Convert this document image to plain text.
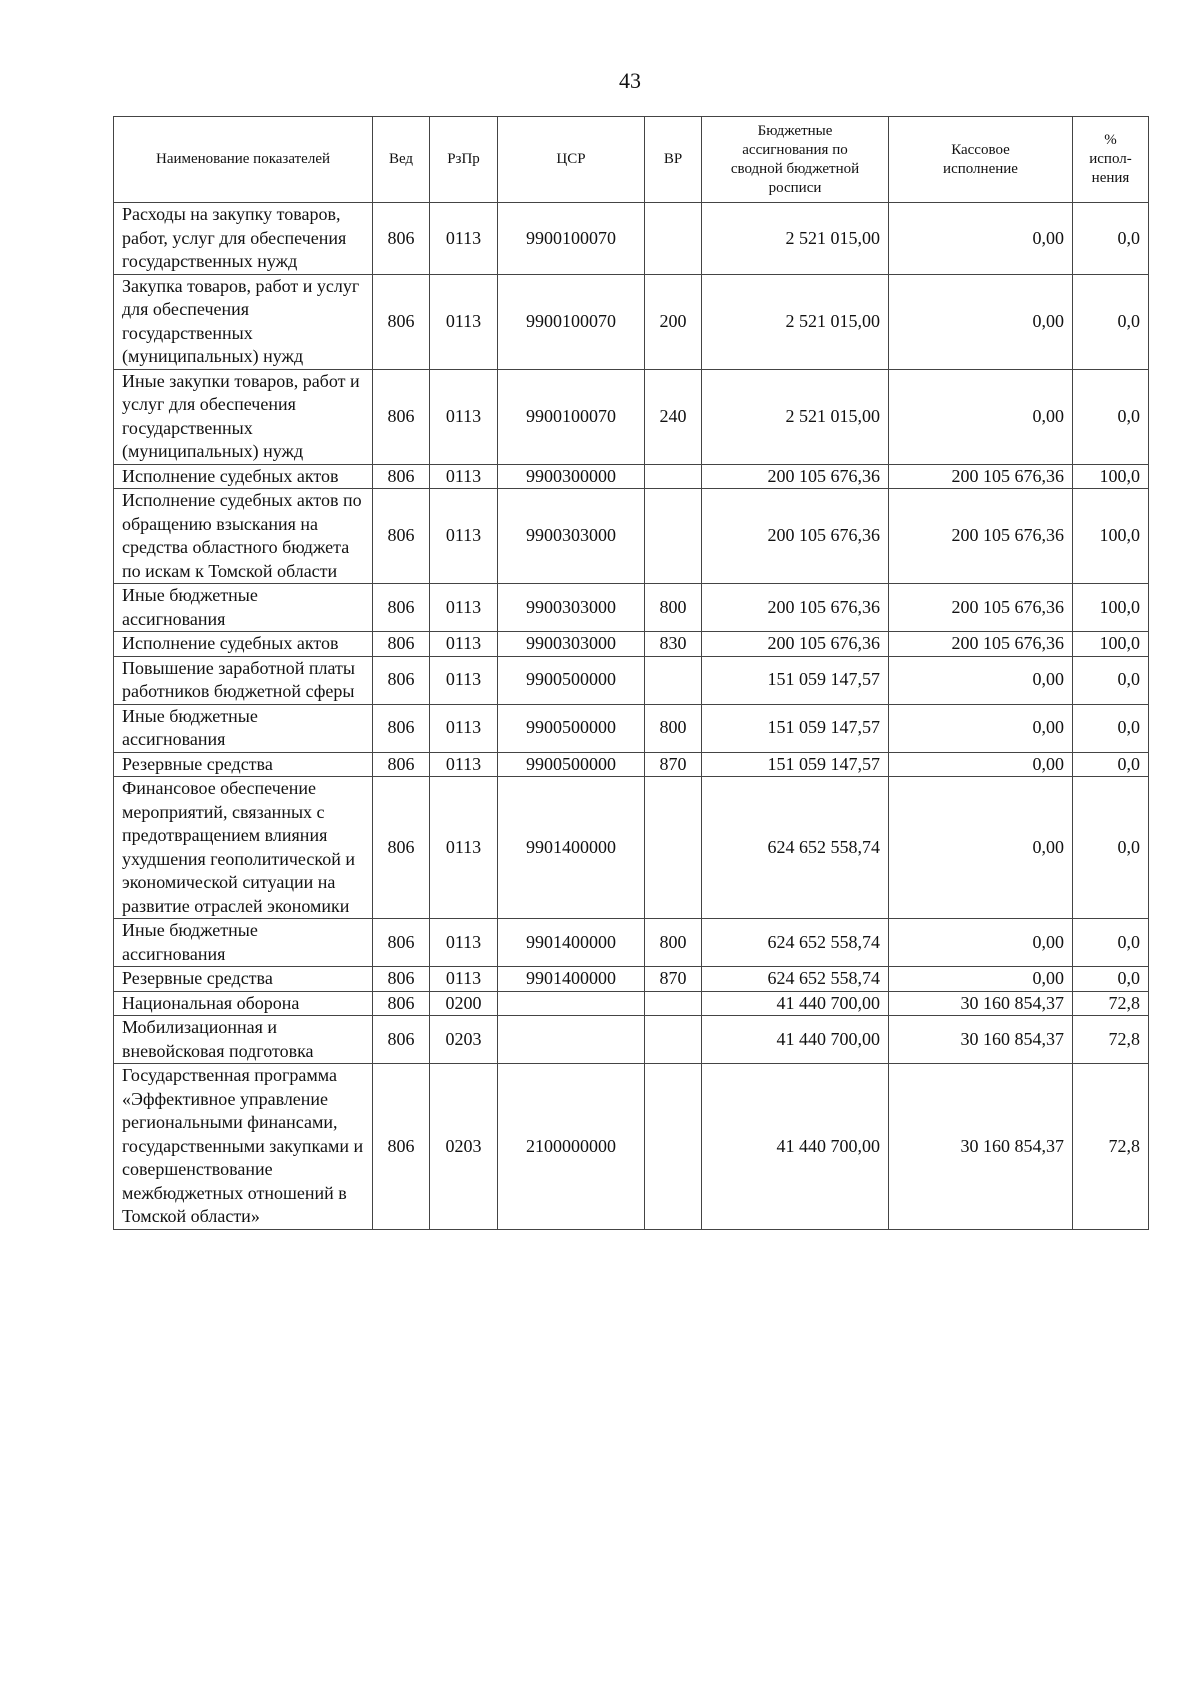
43
Наименование показателей	Вед	РзПр	ЦСР	ВР	Бюджетные ассигнования по сводной бюджетной росписи	Кассовое исполнение	% испол-нения
Расходы на закупку товаров, работ, услуг для обеспечения государственных нужд	806	0113	9900100070		2 521 015,00	0,00	0,0
Закупка товаров, работ и услуг для обеспечения государственных (муниципальных) нужд	806	0113	9900100070	200	2 521 015,00	0,00	0,0
Иные закупки товаров, работ и услуг для обеспечения государственных (муниципальных) нужд	806	0113	9900100070	240	2 521 015,00	0,00	0,0
Исполнение судебных актов	806	0113	9900300000		200 105 676,36	200 105 676,36	100,0
Исполнение судебных актов по обращению взыскания на средства областного бюджета по искам к Томской области	806	0113	9900303000		200 105 676,36	200 105 676,36	100,0
Иные бюджетные ассигнования	806	0113	9900303000	800	200 105 676,36	200 105 676,36	100,0
Исполнение судебных актов	806	0113	9900303000	830	200 105 676,36	200 105 676,36	100,0
Повышение заработной платы работников бюджетной сферы	806	0113	9900500000		151 059 147,57	0,00	0,0
Иные бюджетные ассигнования	806	0113	9900500000	800	151 059 147,57	0,00	0,0
Резервные средства	806	0113	9900500000	870	151 059 147,57	0,00	0,0
Финансовое обеспечение мероприятий, связанных с предотвращением влияния ухудшения геополитической и экономической ситуации на развитие отраслей экономики	806	0113	9901400000		624 652 558,74	0,00	0,0
Иные бюджетные ассигнования	806	0113	9901400000	800	624 652 558,74	0,00	0,0
Резервные средства	806	0113	9901400000	870	624 652 558,74	0,00	0,0
Национальная оборона	806	0200			41 440 700,00	30 160 854,37	72,8
Мобилизационная и вневойсковая подготовка	806	0203			41 440 700,00	30 160 854,37	72,8
Государственная программа «Эффективное управление региональными финансами, государственными закупками и совершенствование межбюджетных отношений в Томской области»	806	0203	2100000000		41 440 700,00	30 160 854,37	72,8
